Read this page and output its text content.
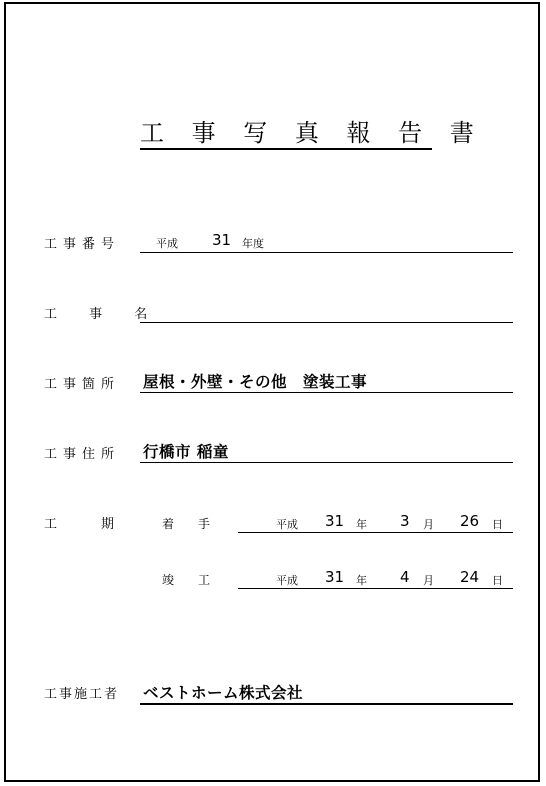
工 事 写 真 報 告 書
工事番号	平成 31 年度
工 事 名
工事箇所 屋根・外壁・その他　塗装工事
工事住所 行橋市 稲童
工　　期	着　　手	平成 31 年 3 月 26 日
竣　　工	平成 31 年 4 月 24 日
工事施工者 ベストホーム株式会社
